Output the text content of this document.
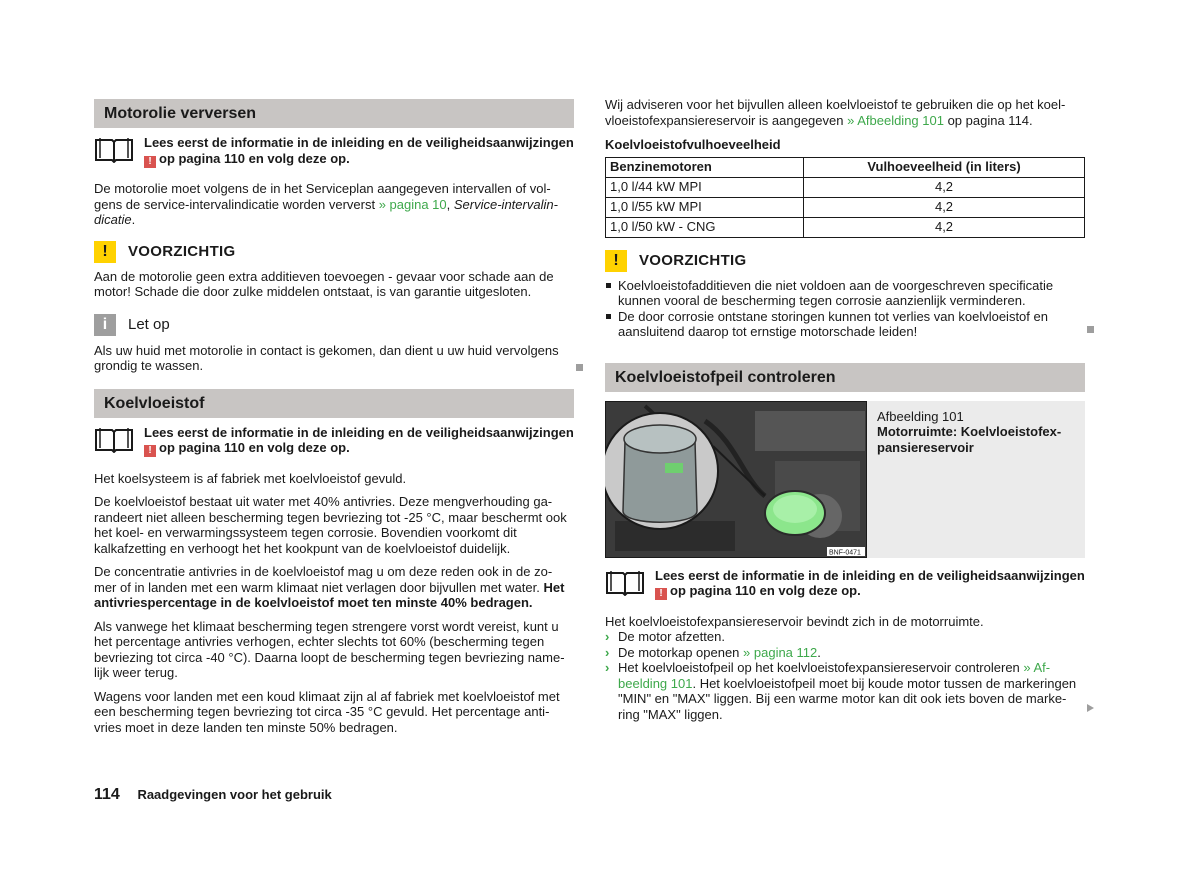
Motorolie verversen
Lees eerst de informatie in de inleiding en de veiligheidsaanwijzingen
! op pagina 110 en volg deze op.
De motorolie moet volgens de in het Serviceplan aangegeven intervallen of vol-gens de service-intervalindicatie worden ververst » pagina 10, Service-intervalin-dicatie.
!	VOORZICHTIG
Aan de motorolie geen extra additieven toevoegen - gevaar voor schade aan de motor! Schade die door zulke middelen ontstaat, is van garantie uitgesloten.
i	Let op
Als uw huid met motorolie in contact is gekomen, dan dient u uw huid vervolgens grondig te wassen.
Koelvloeistof
Lees eerst de informatie in de inleiding en de veiligheidsaanwijzingen
! op pagina 110 en volg deze op.
Het koelsysteem is af fabriek met koelvloeistof gevuld.
De koelvloeistof bestaat uit water met 40% antivries. Deze mengverhouding ga-randeert niet alleen bescherming tegen bevriezing tot -25 °C, maar beschermt ook het koel- en verwarmingssysteem tegen corrosie. Bovendien voorkomt dit kalkafzetting en verhoogt het het kookpunt van de koelvloeistof duidelijk.
De concentratie antivries in de koelvloeistof mag u om deze reden ook in de zo-mer of in landen met een warm klimaat niet verlagen door bijvullen met water. Het antivriespercentage in de koelvloeistof moet ten minste 40% bedragen.
Als vanwege het klimaat bescherming tegen strengere vorst wordt vereist, kunt u het percentage antivries verhogen, echter slechts tot 60% (bescherming tegen bevriezing tot circa -40 °C). Daarna loopt de bescherming tegen bevriezing name-lijk weer terug.
Wagens voor landen met een koud klimaat zijn al af fabriek met koelvloeistof met een bescherming tegen bevriezing tot circa -35 °C gevuld. Het percentage anti-vries moet in deze landen ten minste 50% bedragen.
Wij adviseren voor het bijvullen alleen koelvloeistof te gebruiken die op het koel-vloeistofexpansiereservoir is aangegeven » Afbeelding 101 op pagina 114.
Koelvloeistofvulhoeveelheid
Benzinemotoren	Vulhoeveelheid (in liters)
1,0 l/44 kW MPI	4,2
1,0 l/55 kW MPI	4,2
1,0 l/50 kW - CNG	4,2
!	VOORZICHTIG
Koelvloeistofadditieven die niet voldoen aan de voorgeschreven specificatie kunnen vooral de bescherming tegen corrosie aanzienlijk verminderen.
De door corrosie ontstane storingen kunnen tot verlies van koelvloeistof en aansluitend daarop tot ernstige motorschade leiden!
Koelvloeistofpeil controleren
BNF-0471
Afbeelding 101
Motorruimte: Koelvloeistofex-pansiereservoir
Lees eerst de informatie in de inleiding en de veiligheidsaanwijzingen
! op pagina 110 en volg deze op.
Het koelvloeistofexpansiereservoir bevindt zich in de motorruimte.
› De motor afzetten.
› De motorkap openen » pagina 112.
› Het koelvloeistofpeil op het koelvloeistofexpansiereservoir controleren » Af-beelding 101. Het koelvloeistofpeil moet bij koude motor tussen de markeringen "MIN" en "MAX" liggen. Bij een warme motor kan dit ook iets boven de marke-ring "MAX" liggen.
114 Raadgevingen voor het gebruik
